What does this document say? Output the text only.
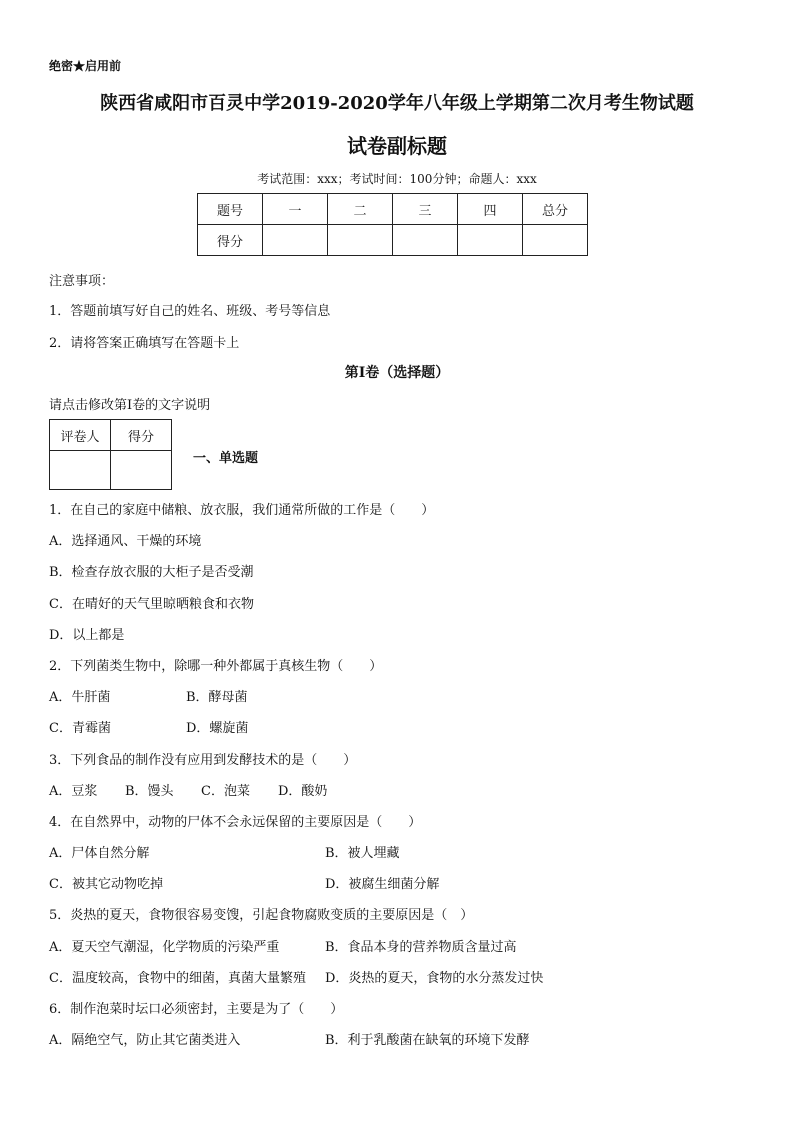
绝密★启用前
陕西省咸阳市百灵中学2019-2020学年八年级上学期第二次月考生物试题
试卷副标题
考试范围：xxx；考试时间：100分钟；命题人：xxx
题号	一	二	三	四	总分
得分					
注意事项：
1．答题前填写好自己的姓名、班级、考号等信息
2．请将答案正确填写在答题卡上
第I卷（选择题）
请点击修改第I卷的文字说明
评卷人	得分

一、单选题
1．在自己的家庭中储粮、放衣服，我们通常所做的工作是（　　）
A．选择通风、干燥的环境
B．检查存放衣服的大柜子是否受潮
C．在晴好的天气里晾晒粮食和衣物
D．以上都是
2．下列菌类生物中，除哪一种外都属于真核生物（　　）
A．牛肝菌	B．酵母菌
C．青霉菌	D．螺旋菌
3．下列食品的制作没有应用到发酵技术的是（　　）
A．豆浆 B．馒头 C．泡菜 D．酸奶
4．在自然界中，动物的尸体不会永远保留的主要原因是（　　）
A．尸体自然分解	B．被人埋藏
C．被其它动物吃掉	D．被腐生细菌分解
5．炎热的夏天，食物很容易变馊，引起食物腐败变质的主要原因是（　）
A．夏天空气潮湿，化学物质的污染严重	B．食品本身的营养物质含量过高
C．温度较高，食物中的细菌，真菌大量繁殖 D．炎热的夏天，食物的水分蒸发过快
6．制作泡菜时坛口必须密封，主要是为了（　　）
A．隔绝空气，防止其它菌类进入	B．利于乳酸菌在缺氧的环境下发酵
